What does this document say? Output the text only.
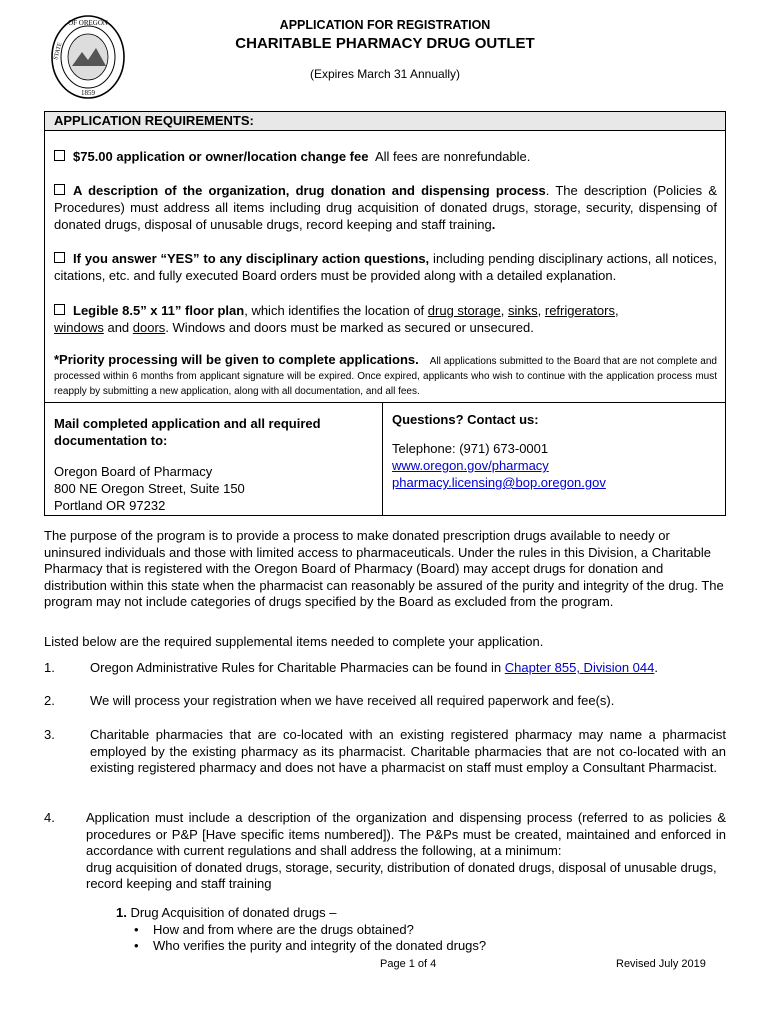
OF OREGON
STATE
1859
APPLICATION FOR REGISTRATION
CHARITABLE PHARMACY DRUG OUTLET
(Expires March 31 Annually)
APPLICATION REQUIREMENTS:
$75.00 application or owner/location change fee All fees are nonrefundable.
A description of the organization, drug donation and dispensing process. The description (Policies & Procedures) must address all items including drug acquisition of donated drugs, storage, security, dispensing of donated drugs, disposal of unusable drugs, record keeping and staff training.
If you answer “YES” to any disciplinary action questions, including pending disciplinary actions, all notices, citations, etc. and fully executed Board orders must be provided along with a detailed explanation.
Legible 8.5” x 11” floor plan, which identifies the location of drug storage, sinks, refrigerators,
windows and doors. Windows and doors must be marked as secured or unsecured.
*Priority processing will be given to complete applications. All applications submitted to the Board that are not complete and processed within 6 months from applicant signature will be expired. Once expired, applicants who wish to continue with the application process must reapply by submitting a new application, along with all documentation, and all fees.
Mail completed application and all required documentation to:
Oregon Board of Pharmacy
800 NE Oregon Street, Suite 150
Portland OR 97232
Questions? Contact us:
Telephone: (971) 673-0001
www.oregon.gov/pharmacy
pharmacy.licensing@bop.oregon.gov
The purpose of the program is to provide a process to make donated prescription drugs available to needy or uninsured individuals and those with limited access to pharmaceuticals. Under the rules in this Division, a Charitable Pharmacy that is registered with the Oregon Board of Pharmacy (Board) may accept drugs for donation and distribution within this state when the pharmacist can reasonably be assured of the purity and integrity of the drug. The program may not include categories of drugs specified by the Board as excluded from the program.
Listed below are the required supplemental items needed to complete your application.
1.	Oregon Administrative Rules for Charitable Pharmacies can be found in Chapter 855, Division 044.
2.	We will process your registration when we have received all required paperwork and fee(s).
3.	Charitable pharmacies that are co-located with an existing registered pharmacy may name a pharmacist employed by the existing pharmacy as its pharmacist. Charitable pharmacies that are not co-located with an existing registered pharmacy and does not have a pharmacist on staff must employ a Consultant Pharmacist.
4. Application must include a description of the organization and dispensing process (referred to as policies & procedures or P&P [Have specific items numbered]). The P&Ps must be created, maintained and enforced in accordance with current regulations and shall address the following, at a minimum:
drug acquisition of donated drugs, storage, security, distribution of donated drugs, disposal of unusable drugs, record keeping and staff training
1. Drug Acquisition of donated drugs –
•    How and from where are the drugs obtained?
•    Who verifies the purity and integrity of the donated drugs?
Page 1 of 4	Revised July 2019
